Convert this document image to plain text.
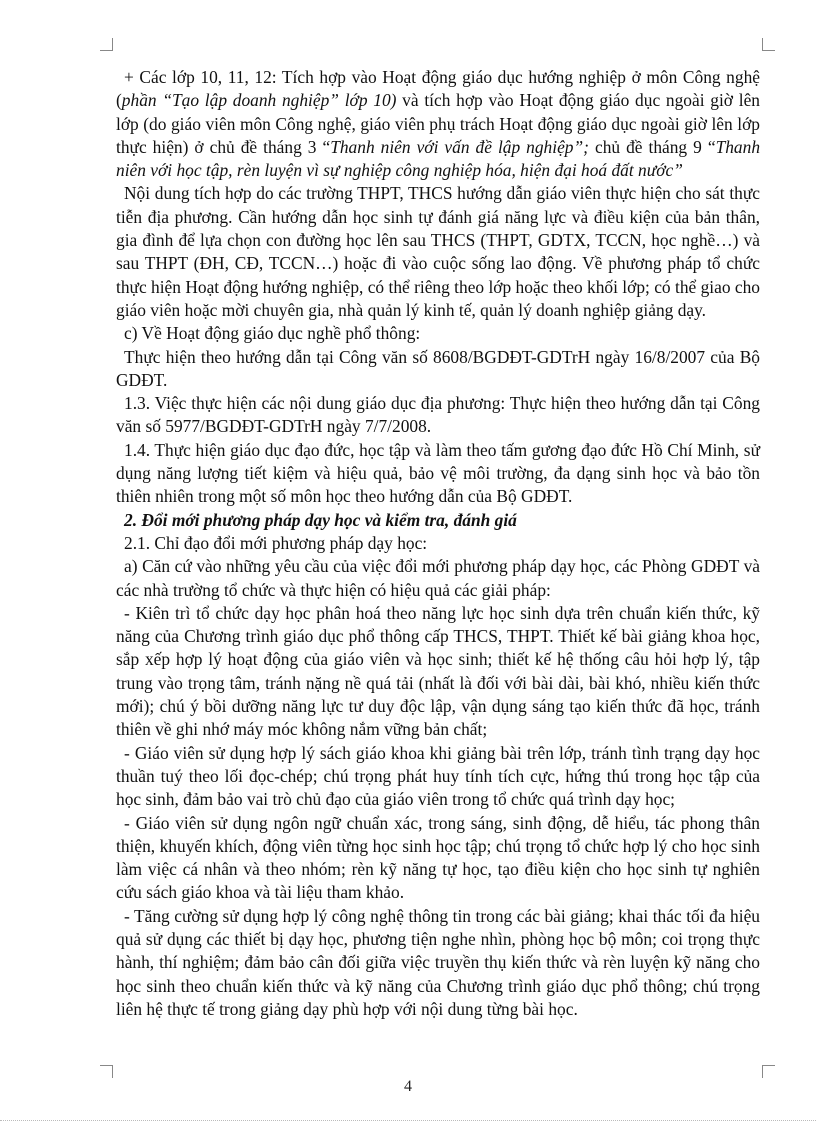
+ Các lớp 10, 11, 12: Tích hợp vào Hoạt động giáo dục hướng nghiệp ở môn Công nghệ (phần “Tạo lập doanh nghiệp” lớp 10) và tích hợp vào Hoạt động giáo dục ngoài giờ lên lớp (do giáo viên môn Công nghệ, giáo viên phụ trách Hoạt động giáo dục ngoài giờ lên lớp thực hiện) ở chủ đề tháng 3 “Thanh niên với vấn đề lập nghiệp”; chủ đề tháng 9 “Thanh niên với học tập, rèn luyện vì sự nghiệp công nghiệp hóa, hiện đại hoá đất nước”

Nội dung tích hợp do các trường THPT, THCS hướng dẫn giáo viên thực hiện cho sát thực tiễn địa phương. Cần hướng dẫn học sinh tự đánh giá năng lực và điều kiện của bản thân, gia đình để lựa chọn con đường học lên sau THCS (THPT, GDTX, TCCN, học nghề…) và sau THPT (ĐH, CĐ, TCCN…) hoặc đi vào cuộc sống lao động. Về phương pháp tổ chức thực hiện Hoạt động hướng nghiệp, có thể riêng theo lớp hoặc theo khối lớp; có thể giao cho giáo viên hoặc mời chuyên gia, nhà quản lý kinh tế, quản lý doanh nghiệp giảng dạy.

c) Về Hoạt động giáo dục nghề phổ thông:

Thực hiện theo hướng dẫn tại Công văn số 8608/BGDĐT-GDTrH ngày 16/8/2007 của Bộ GDĐT.

1.3. Việc thực hiện các nội dung giáo dục địa phương: Thực hiện theo hướng dẫn tại Công văn số 5977/BGDĐT-GDTrH ngày 7/7/2008.

1.4. Thực hiện giáo dục đạo đức, học tập và làm theo tấm gương đạo đức Hồ Chí Minh, sử dụng năng lượng tiết kiệm và hiệu quả, bảo vệ môi trường, đa dạng sinh học và bảo tồn thiên nhiên trong một số môn học theo hướng dẫn của Bộ GDĐT.

2. Đổi mới phương pháp dạy học và kiểm tra, đánh giá

2.1. Chỉ đạo đổi mới phương pháp dạy học:

a) Căn cứ vào những yêu cầu của việc đổi mới phương pháp dạy học, các Phòng GDĐT và các nhà trường tổ chức và thực hiện có hiệu quả các giải pháp:

- Kiên trì tổ chức dạy học phân hoá theo năng lực học sinh dựa trên chuẩn kiến thức, kỹ năng của Chương trình giáo dục phổ thông cấp THCS, THPT. Thiết kế bài giảng khoa học, sắp xếp hợp lý hoạt động của giáo viên và học sinh; thiết kế hệ thống câu hỏi hợp lý, tập trung vào trọng tâm, tránh nặng nề quá tải (nhất là đối với bài dài, bài khó, nhiều kiến thức mới); chú ý bồi dưỡng năng lực tư duy độc lập, vận dụng sáng tạo kiến thức đã học, tránh thiên về ghi nhớ máy móc không nắm vững bản chất;

- Giáo viên sử dụng hợp lý sách giáo khoa khi giảng bài trên lớp, tránh tình trạng dạy học thuần tuý theo lối đọc-chép; chú trọng phát huy tính tích cực, hứng thú trong học tập của học sinh, đảm bảo vai trò chủ đạo của giáo viên trong tổ chức quá trình dạy học;

- Giáo viên sử dụng ngôn ngữ chuẩn xác, trong sáng, sinh động, dễ hiểu, tác phong thân thiện, khuyến khích, động viên từng học sinh học tập; chú trọng tổ chức hợp lý cho học sinh làm việc cá nhân và theo nhóm; rèn kỹ năng tự học, tạo điều kiện cho học sinh tự nghiên cứu sách giáo khoa và tài liệu tham khảo.

- Tăng cường sử dụng hợp lý công nghệ thông tin trong các bài giảng; khai thác tối đa hiệu quả sử dụng các thiết bị dạy học, phương tiện nghe nhìn, phòng học bộ môn; coi trọng thực hành, thí nghiệm; đảm bảo cân đối giữa việc truyền thụ kiến thức và rèn luyện kỹ năng cho học sinh theo chuẩn kiến thức và kỹ năng của Chương trình giáo dục phổ thông; chú trọng liên hệ thực tế trong giảng dạy phù hợp với nội dung từng bài học.

4
